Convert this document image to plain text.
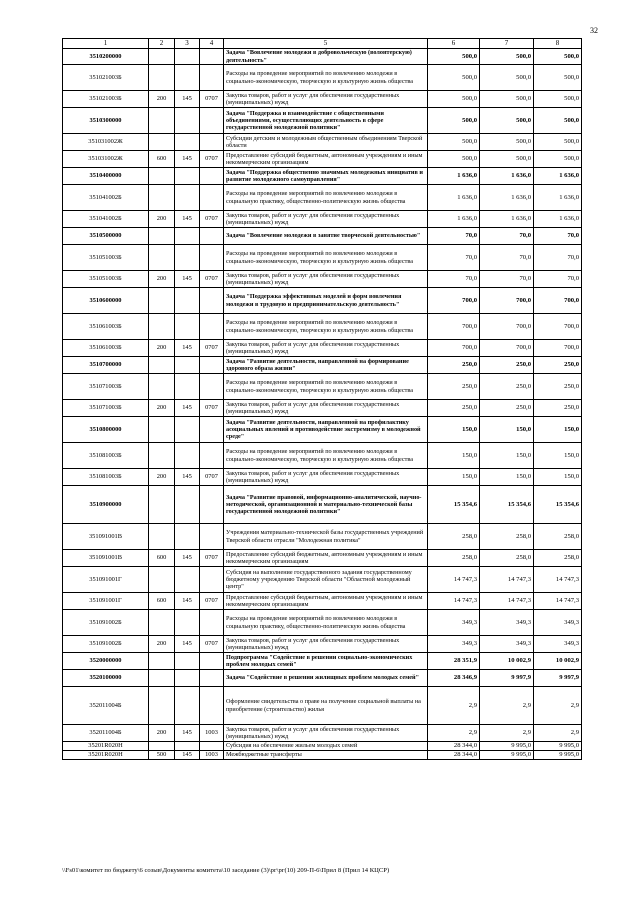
32
1	2	3	4	5	6	7	8
3510200000				Задача "Вовлечение молодежи в добровольческую (волонтерскую) деятельность"	500,0	500,0	500,0
351021003Б				Расходы на проведение мероприятий по вовлечению молодежи в социально-экономическую, творческую и культурную жизнь общества	500,0	500,0	500,0
351021003Б	200	145	0707	Закупка товаров, работ и услуг для обеспечения государственных (муниципальных) нужд	500,0	500,0	500,0
3510300000				Задача "Поддержка и взаимодействие с общественными объединениями, осуществляющих деятельность в сфере государственной молодежной политики"	500,0	500,0	500,0
351031002Ж				Субсидии детским и молодежным общественным объединениям Тверской области	500,0	500,0	500,0
351031002Ж	600	145	0707	Предоставление субсидий бюджетным, автономным учреждениям и иным некоммерческим организациям	500,0	500,0	500,0
3510400000				Задача "Поддержка общественно значимых молодежных инициатив и развитие молодежного самоуправления"	1 636,0	1 636,0	1 636,0
351041002Б				Расходы на проведение мероприятий по вовлечению молодежи в социальную практику, общественно-политическую жизнь общества	1 636,0	1 636,0	1 636,0
351041002Б	200	145	0707	Закупка товаров, работ и услуг для обеспечения государственных (муниципальных) нужд	1 636,0	1 636,0	1 636,0
3510500000				Задача "Вовлечение молодежи в занятие творческой деятельностью"	70,0	70,0	70,0
351051003Б				Расходы на проведение мероприятий по вовлечению молодежи в социально-экономическую, творческую и культурную жизнь общества	70,0	70,0	70,0
351051003Б	200	145	0707	Закупка товаров, работ и услуг для обеспечения государственных (муниципальных) нужд	70,0	70,0	70,0
3510600000				Задача "Поддержка эффективных моделей и форм вовлечения молодежи в трудовую и предпринимательскую деятельность"	700,0	700,0	700,0
351061003Б				Расходы на проведение мероприятий по вовлечению молодежи в социально-экономическую, творческую и культурную жизнь общества	700,0	700,0	700,0
351061003Б	200	145	0707	Закупка товаров, работ и услуг для обеспечения государственных (муниципальных) нужд	700,0	700,0	700,0
3510700000				Задача "Развитие деятельности, направленной на формирование здорового образа жизни"	250,0	250,0	250,0
351071003Б				Расходы на проведение мероприятий по вовлечению молодежи в социально-экономическую, творческую и культурную жизнь общества	250,0	250,0	250,0
351071003Б	200	145	0707	Закупка товаров, работ и услуг для обеспечения государственных (муниципальных) нужд	250,0	250,0	250,0
3510800000				Задача "Развитие деятельности, направленной на профилактику асоциальных явлений и противодействие экстремизму в молодежной среде"	150,0	150,0	150,0
351081003Б				Расходы на проведение мероприятий по вовлечению молодежи в социально-экономическую, творческую и культурную жизнь общества	150,0	150,0	150,0
351081003Б	200	145	0707	Закупка товаров, работ и услуг для обеспечения государственных (муниципальных) нужд	150,0	150,0	150,0
3510900000				Задача "Развитие правовой, информационно-аналитической, научно-методической, организационной и материально-технической базы государственной молодежной политики"	15 354,6	15 354,6	15 354,6
351091001В				Учреждения материально-технической базы государственных учреждений Тверской области отрасли "Молодежная политика"	258,0	258,0	258,0
351091001В	600	145	0707	Предоставление субсидий бюджетным, автономным учреждениям и иным некоммерческим организациям	258,0	258,0	258,0
351091001Г				Субсидия на выполнение государственного задания государственному бюджетному учреждению Тверской области "Областной молодежный центр"	14 747,3	14 747,3	14 747,3
351091001Г	600	145	0707	Предоставление субсидий бюджетным, автономным учреждениям и иным некоммерческим организациям	14 747,3	14 747,3	14 747,3
351091002Б				Расходы на проведение мероприятий по вовлечению молодежи в социальную практику, общественно-политическую жизнь общества	349,3	349,3	349,3
351091002Б	200	145	0707	Закупка товаров, работ и услуг для обеспечения государственных (муниципальных) нужд	349,3	349,3	349,3
3520000000				Подпрограмма "Содействие в решении социально-экономических проблем молодых семей"	28 351,9	10 002,9	10 002,9
3520100000				Задача "Содействие в решении жилищных проблем молодых семей"	28 346,9	9 997,9	9 997,9
352011004Б				Оформление свидетельства о праве на получение социальной выплаты на приобретение (строительство) жилья	2,9	2,9	2,9
352011004Б	200	145	1003	Закупка товаров, работ и услуг для обеспечения государственных (муниципальных) нужд	2,9	2,9	2,9
35201R020H				Субсидия на обеспечение жильем молодых семей	28 344,0	9 995,0	9 995,0
35201R020H	500	145	1003	Межбюджетные трансферты	28 344,0	9 995,0	9 995,0
\\Fs01\комитет по бюджету\6 созыв\Документы комитета\10 заседание (3)\рг\рг(10) 209-П-6\Прил 8 (Прил 14 КЦСР)
